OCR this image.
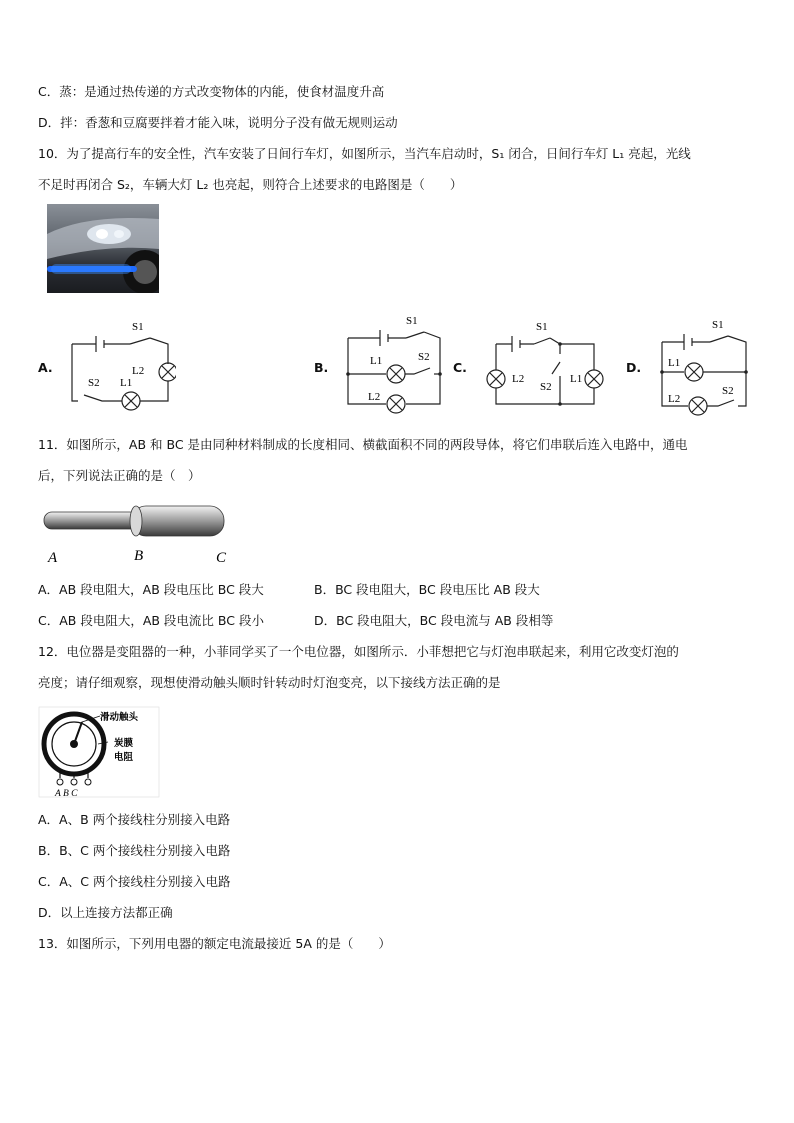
C．蒸：是通过热传递的方式改变物体的内能，使食材温度升高
D．拌：香葱和豆腐要拌着才能入味，说明分子没有做无规则运动
10．为了提高行车的安全性，汽车安装了日间行车灯，如图所示，当汽车启动时，S₁ 闭合，日间行车灯 L₁ 亮起，光线
不足时再闭合 S₂，车辆大灯 L₂ 也亮起，则符合上述要求的电路图是（　　）
A.	B.	C.	D.
S1
L2
S2 L1
S1
L1	S2
L2
S1
L2
S2
L1
S1
L1
L2
S2
11．如图所示，AB 和 BC 是由同种材料制成的长度相同、横截面积不同的两段导体，将它们串联后连入电路中，通电
后，下列说法正确的是（　）
A	B	C
A．AB 段电阻大，AB 段电压比 BC 段大	B．BC 段电阻大，BC 段电压比 AB 段大
C．AB 段电阻大，AB 段电流比 BC 段小	D．BC 段电阻大，BC 段电流与 AB 段相等
12．电位器是变阻器的一种，小菲同学买了一个电位器，如图所示．小菲想把它与灯泡串联起来，利用它改变灯泡的
亮度；请仔细观察，现想使滑动触头顺时针转动时灯泡变亮，以下接线方法正确的是
滑动触头
炭膜
电阻
A B C
A．A、B 两个接线柱分别接入电路
B．B、C 两个接线柱分别接入电路
C．A、C 两个接线柱分别接入电路
D．以上连接方法都正确
13．如图所示，下列用电器的额定电流最接近 5A 的是（　　）
